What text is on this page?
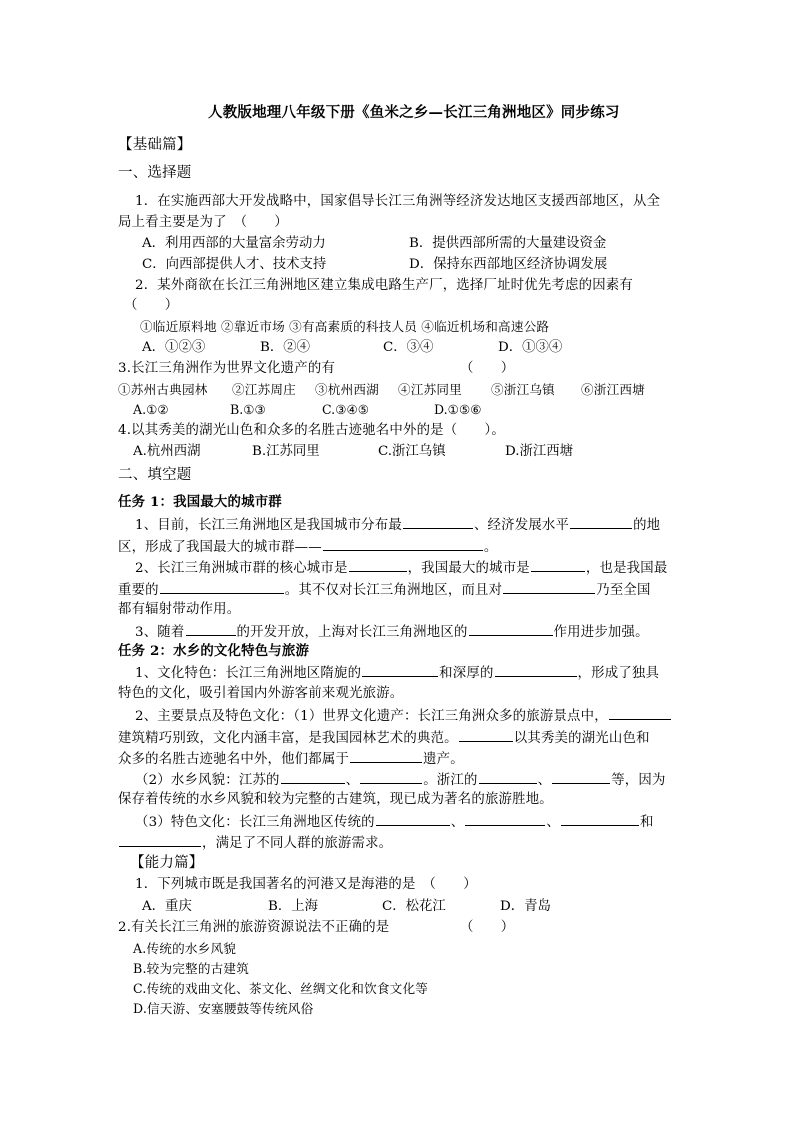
人教版地理八年级下册《鱼米之乡—长江三角洲地区》同步练习
【基础篇】
一、选择题
1．在实施西部大开发战略中，国家倡导长江三角洲等经济发达地区支援西部地区，从全
局上看主要是为了　（　　）
A．利用西部的大量富余劳动力	B．提供西部所需的大量建设资金
C．向西部提供人才、技术支持	D．保持东西部地区经济协调发展
2．某外商欲在长江三角洲地区建立集成电路生产厂，选择厂址时优先考虑的因素有
（　　）
①临近原料地 ②靠近市场 ③有高素质的科技人员 ④临近机场和高速公路
A．①②③	B．②④	C．③④	D．①③④
3.长江三角洲作为世界文化遗产的有	（　　）
①苏州古典园林 ②江苏周庄 ③杭州西湖 ④江苏同里 ⑤浙江乌镇 ⑥浙江西塘
A.①②	B.①③	C.③④⑤	D.①⑤⑥
4.以其秀美的湖光山色和众多的名胜古迹驰名中外的是（　　）。
A.杭州西湖	B.江苏同里	C.浙江乌镇	D.浙江西塘
二、填空题
任务 1：我国最大的城市群
1、目前，长江三角洲地区是我国城市分布最	、经济发展水平	的地
区，形成了我国最大的城市群——	。
2、长江三角洲城市群的核心城市是	，我国最大的城市是	，也是我国最
重要的	。其不仅对长江三角洲地区，而且对	乃至全国
都有辐射带动作用。
3、随着	的开发开放，上海对长江三角洲地区的	作用进步加强。
任务 2：水乡的文化特色与旅游
1、文化特色：长江三角洲地区隋旎的	和深厚的	，形成了独具
特色的文化，吸引着国内外游客前来观光旅游。
2、主要景点及特色文化：（1）世界文化遗产：长江三角洲众多的旅游景点中，
建筑精巧别致，文化内涵丰富，是我国园林艺术的典范。	以其秀美的湖光山色和
众多的名胜古迹驰名中外，他们都属于	遗产。
（2）水乡风貌：江苏的	、	。浙江的	、	等，因为
保存着传统的水乡风貌和较为完整的古建筑，现已成为著名的旅游胜地。
（3）特色文化：长江三角洲地区传统的	、	、	和
，满足了不同人群的旅游需求。
【能力篇】
1．下列城市既是我国著名的河港又是海港的是　（　　）
A．重庆	B．上海	C．松花江	D．青岛
2.有关长江三角洲的旅游资源说法不正确的是	（　　）
A.传统的水乡风貌
B.较为完整的古建筑
C.传统的戏曲文化、茶文化、丝绸文化和饮食文化等
D.信天游、安塞腰鼓等传统风俗
